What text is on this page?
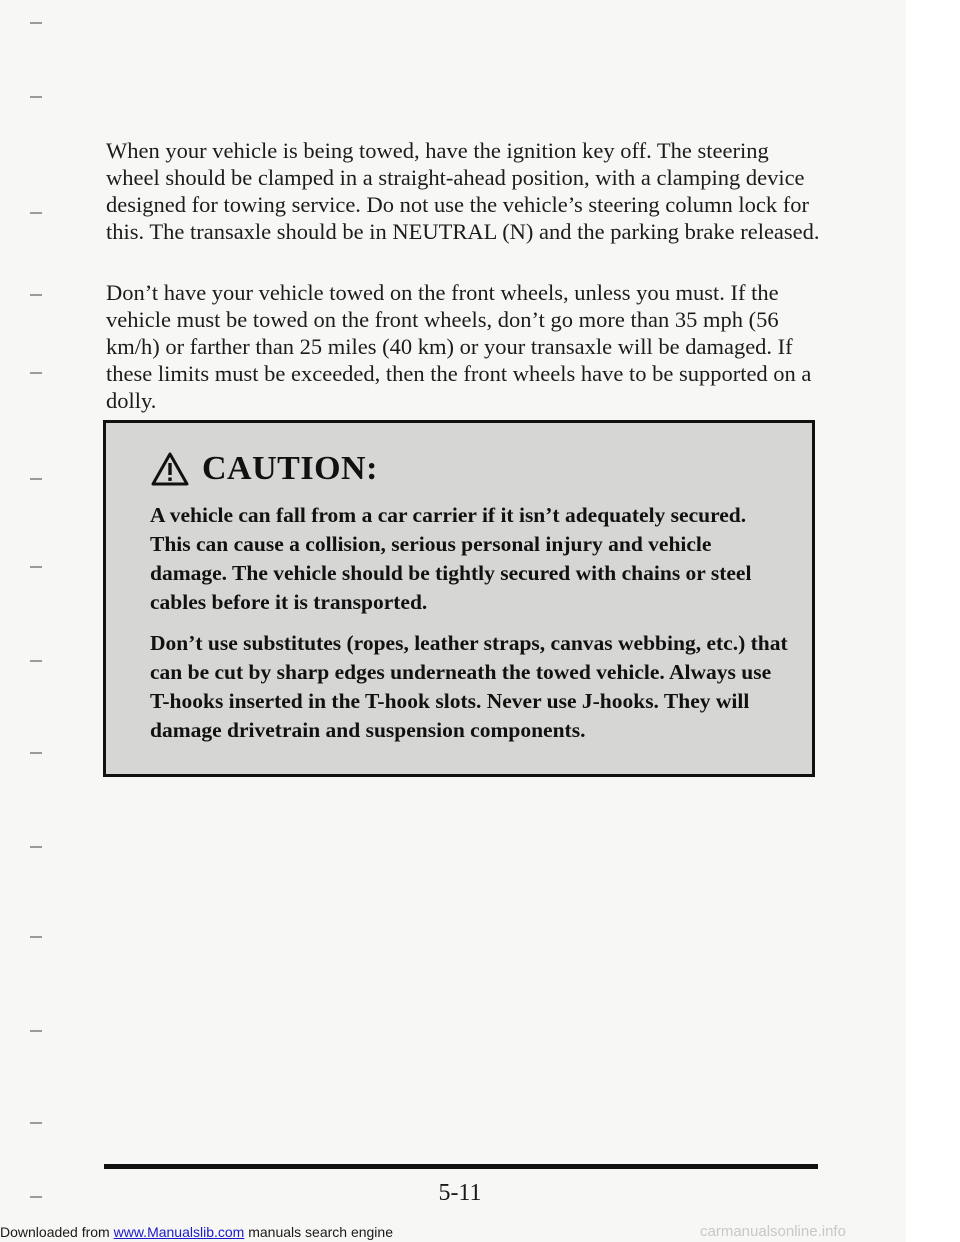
When your vehicle is being towed, have the ignition key off. The steering wheel should be clamped in a straight-ahead position, with a clamping device designed for towing service. Do not use the vehicle’s steering column lock for this. The transaxle should be in NEUTRAL (N) and the parking brake released.

Don’t have your vehicle towed on the front wheels, unless you must. If the vehicle must be towed on the front wheels, don’t go more than 35 mph (56 km/h) or farther than 25 miles (40 km) or your transaxle will be damaged. If these limits must be exceeded, then the front wheels have to be supported on a dolly.

CAUTION:

A vehicle can fall from a car carrier if it isn’t adequately secured. This can cause a collision, serious personal injury and vehicle damage. The vehicle should be tightly secured with chains or steel cables before it is transported.

Don’t use substitutes (ropes, leather straps, canvas webbing, etc.) that can be cut by sharp edges underneath the towed vehicle. Always use T-hooks inserted in the T-hook slots. Never use J-hooks. They will damage drivetrain and suspension components.

5-11
Downloaded from www.Manualslib.com manuals search engine	carmanualsonline.info
